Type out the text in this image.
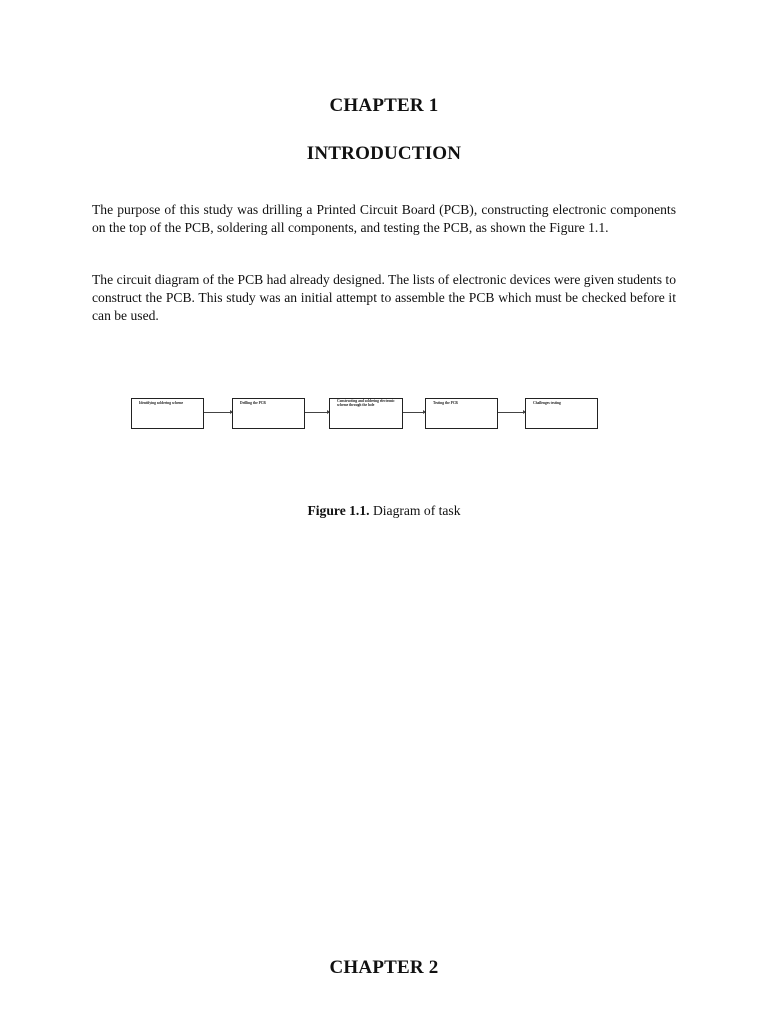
CHAPTER 1
INTRODUCTION

The purpose of this study was drilling a Printed Circuit Board (PCB), constructing electronic components on the top of the PCB, soldering all components, and testing the PCB, as shown the Figure 1.1.

The circuit diagram of the PCB had already designed. The lists of electronic devices were given students to construct the PCB. This study was an initial attempt to assemble the PCB which must be checked before it can be used.

Identifying soldering scheme	Drilling the PCB	Constructing and soldering electronic scheme through the hole
Testing the PCB	Challenges testing

Figure 1.1. Diagram of task

CHAPTER 2
